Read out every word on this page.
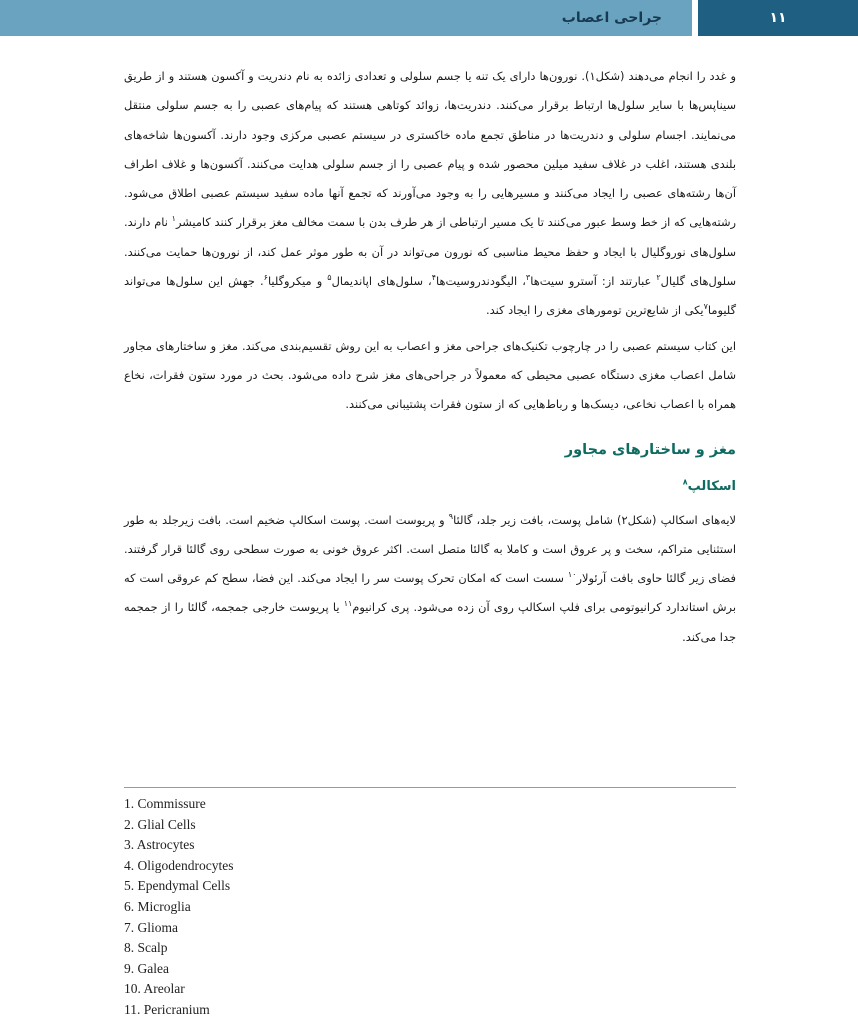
جراحی اعصاب	۱۱

و غدد را انجام می‌دهند (شکل۱). نورون‌ها دارای یک تنه یا جسم سلولی و تعدادی زائده به نام دندریت و آکسون هستند و از طریق سیناپس‌ها با سایر سلول‌ها ارتباط برقرار می‌کنند. دندریت‌ها، زوائد کوتاهی هستند که پیام‌های عصبی را به جسم سلولی منتقل می‌نمایند. اجسام سلولی و دندریت‌ها در مناطق تجمع ماده خاکستری در سیستم عصبی مرکزی وجود دارند. آکسون‌ها شاخه‌های بلندی هستند، اغلب در غلاف سفید میلین محصور شده و پیام عصبی را از جسم سلولی هدایت می‌کنند. آکسون‌ها و غلاف اطراف آن‌ها رشته‌های عصبی را ایجاد می‌کنند و مسیرهایی را به وجود می‌آورند که تجمع آنها ماده سفید سیستم عصبی اطلاق می‌شود. رشته‌هایی که از خط وسط عبور می‌کنند تا یک مسیر ارتباطی از هر طرف بدن با سمت مخالف مغز برقرار کنند کامیشر$^۱$ نام دارند. سلول‌های نوروگلیال با ایجاد و حفظ محیط مناسبی که نورون می‌تواند در آن به طور موثر عمل کند، از نورون‌ها حمایت می‌کنند. سلول‌های گلیال$^۲$ عبارتند از: آسترو سیت‌ها$^۳$، الیگودندروسیت‌ها$^۴$، سلول‌های اپاندیمال$^۵$ و میکروگلیا$^۶$. جهش این سلول‌ها می‌تواند گلیوما$^۷$یکی از شایع‌ترین تومورهای مغزی را ایجاد کند.

این کتاب سیستم عصبی را در چارچوب تکنیک‌های جراحی مغز و اعصاب به این روش تقسیم‌بندی می‌کند. مغز و ساختارهای مجاور شامل اعصاب مغزی دستگاه عصبی محیطی که معمولاً در جراحی‌های مغز شرح داده می‌شود. بحث در مورد ستون فقرات، نخاع همراه با اعصاب نخاعی، دیسک‌ها و رباط‌هایی که از ستون فقرات پشتیبانی می‌کنند.

مغز و ساختارهای مجاور
اسکالپ$^۸$

لایه‌های اسکالپ (شکل۲) شامل پوست، بافت زیر جلد، گالئا$^۹$ و پریوست است. پوست اسکالپ ضخیم است. بافت زیرجلد به طور استثنایی متراکم، سخت و پر عروق است و کاملا به گالئا متصل است. اکثر عروق خونی به صورت سطحی روی گالئا قرار گرفتند. فضای زیر گالئا حاوی بافت آرئولار$^{۱۰}$ سست است که امکان تحرک پوست سر را ایجاد می‌کند. این فضا، سطح کم عروقی است که برش استاندارد کرانیوتومی برای فلپ اسکالپ روی آن زده می‌شود. پری کرانیوم$^{۱۱}$ یا پریوست خارجی جمجمه، گالئا را از جمجمه جدا می‌کند.

1. Commissure
2. Glial Cells
3. Astrocytes
4. Oligodendrocytes
5. Ependymal Cells
6. Microglia
7. Glioma
8. Scalp
9. Galea
10. Areolar
11. Pericranium
